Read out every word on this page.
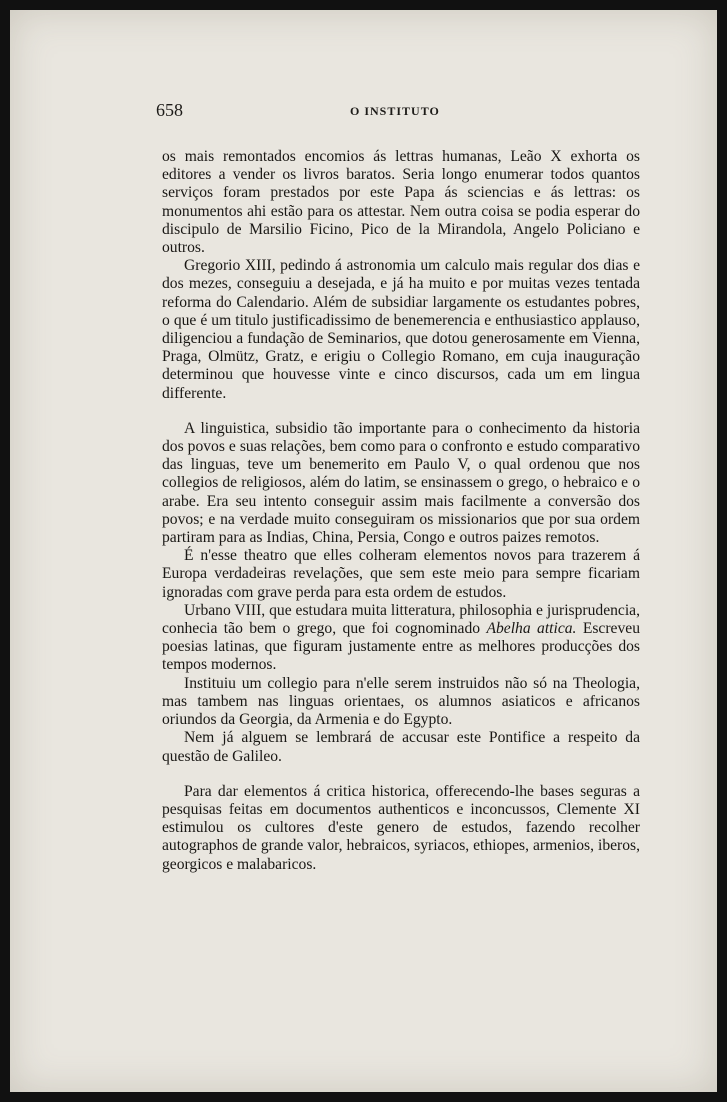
658	O INSTITUTO

os mais remontados encomios ás lettras humanas, Leão X exhorta os editores a vender os livros baratos. Seria longo enumerar todos quantos serviços foram prestados por este Papa ás sciencias e ás lettras: os monumentos ahi estão para os attestar. Nem outra coisa se podia esperar do discipulo de Marsilio Ficino, Pico de la Mirandola, Angelo Policiano e outros.

Gregorio XIII, pedindo á astronomia um calculo mais regular dos dias e dos mezes, conseguiu a desejada, e já ha muito e por muitas vezes tentada reforma do Calendario. Além de subsidiar largamente os estudantes pobres, o que é um titulo justificadissimo de benemerencia e enthusiastico applauso, diligenciou a fundação de Seminarios, que dotou generosamente em Vienna, Praga, Olmütz, Gratz, e erigiu o Collegio Romano, em cuja inauguração determinou que houvesse vinte e cinco discursos, cada um em lingua differente.

A linguistica, subsidio tão importante para o conhecimento da historia dos povos e suas relações, bem como para o confronto e estudo comparativo das linguas, teve um benemerito em Paulo V, o qual ordenou que nos collegios de religiosos, além do latim, se ensinassem o grego, o hebraico e o arabe. Era seu intento conseguir assim mais facilmente a conversão dos povos; e na verdade muito conseguiram os missionarios que por sua ordem partiram para as Indias, China, Persia, Congo e outros paizes remotos.

É n'esse theatro que elles colheram elementos novos para trazerem á Europa verdadeiras revelações, que sem este meio para sempre ficariam ignoradas com grave perda para esta ordem de estudos.

Urbano VIII, que estudara muita litteratura, philosophia e jurisprudencia, conhecia tão bem o grego, que foi cognominado Abelha attica. Escreveu poesias latinas, que figuram justamente entre as melhores producções dos tempos modernos.

Instituiu um collegio para n'elle serem instruidos não só na Theologia, mas tambem nas linguas orientaes, os alumnos asiaticos e africanos oriundos da Georgia, da Armenia e do Egypto.

Nem já alguem se lembrará de accusar este Pontifice a respeito da questão de Galileo.

Para dar elementos á critica historica, offerecendo-lhe bases seguras a pesquisas feitas em documentos authenticos e inconcussos, Clemente XI estimulou os cultores d'este genero de estudos, fazendo recolher autographos de grande valor, hebraicos, syriacos, ethiopes, armenios, iberos, georgicos e malabaricos.
